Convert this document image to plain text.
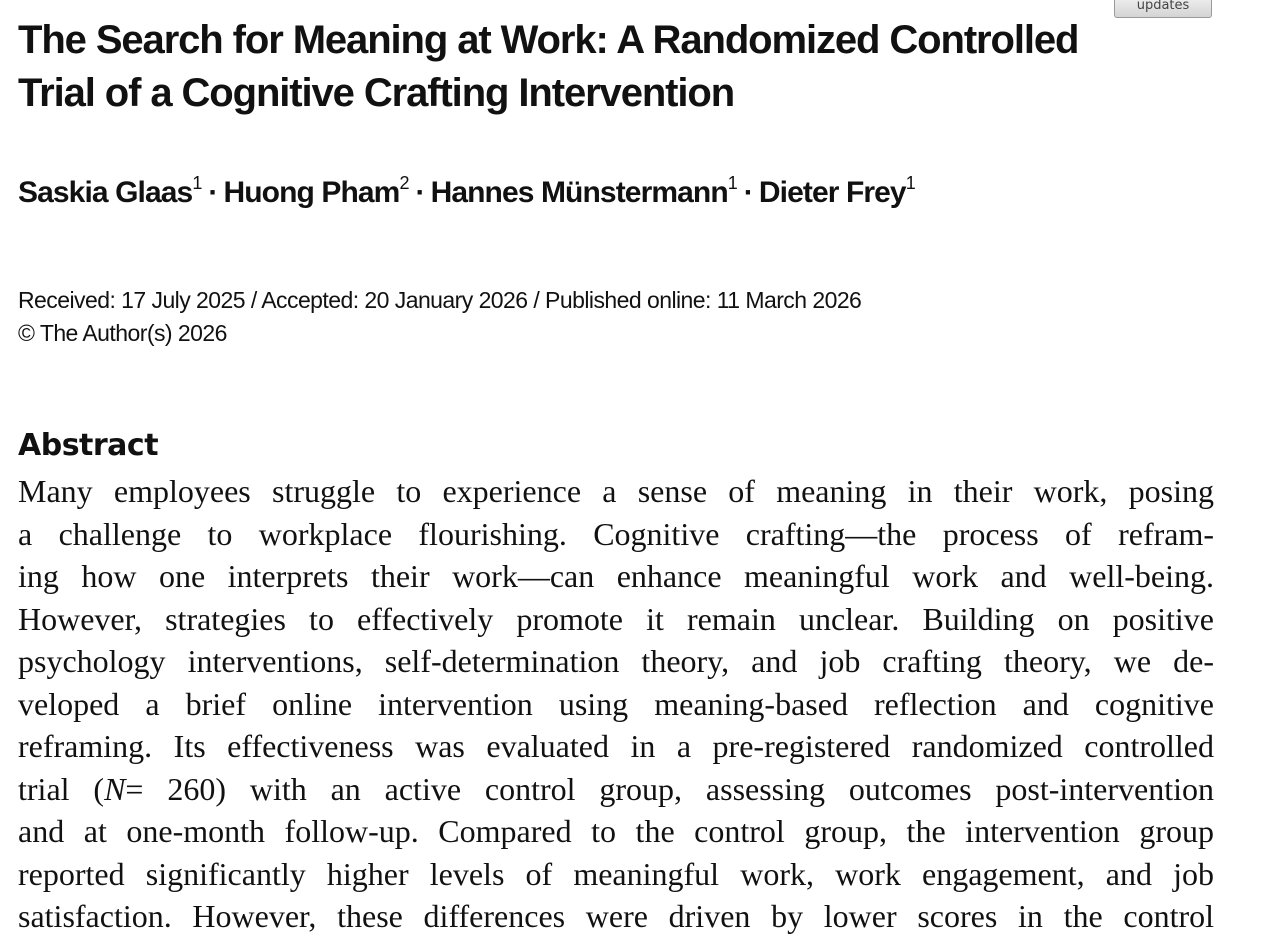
updates
The Search for Meaning at Work: A Randomized Controlled
Trial of a Cognitive Crafting Intervention
Saskia Glaas$^1$ · Huong Pham$^2$ · Hannes Münstermann$^1$ · Dieter Frey$^1$
Received: 17 July 2025 / Accepted: 20 January 2026 / Published online: 11 March 2026
© The Author(s) 2026
Abstract
Many employees struggle to experience a sense of meaning in their work, posing
a challenge to workplace flourishing. Cognitive crafting—the process of refram-
ing how one interprets their work—can enhance meaningful work and well-being.
However, strategies to effectively promote it remain unclear. Building on positive
psychology interventions, self-determination theory, and job crafting theory, we de-
veloped a brief online intervention using meaning-based reflection and cognitive
reframing. Its effectiveness was evaluated in a pre-registered randomized controlled
trial (N= 260) with an active control group, assessing outcomes post-intervention
and at one-month follow-up. Compared to the control group, the intervention group
reported significantly higher levels of meaningful work, work engagement, and job
satisfaction. However, these differences were driven by lower scores in the control
